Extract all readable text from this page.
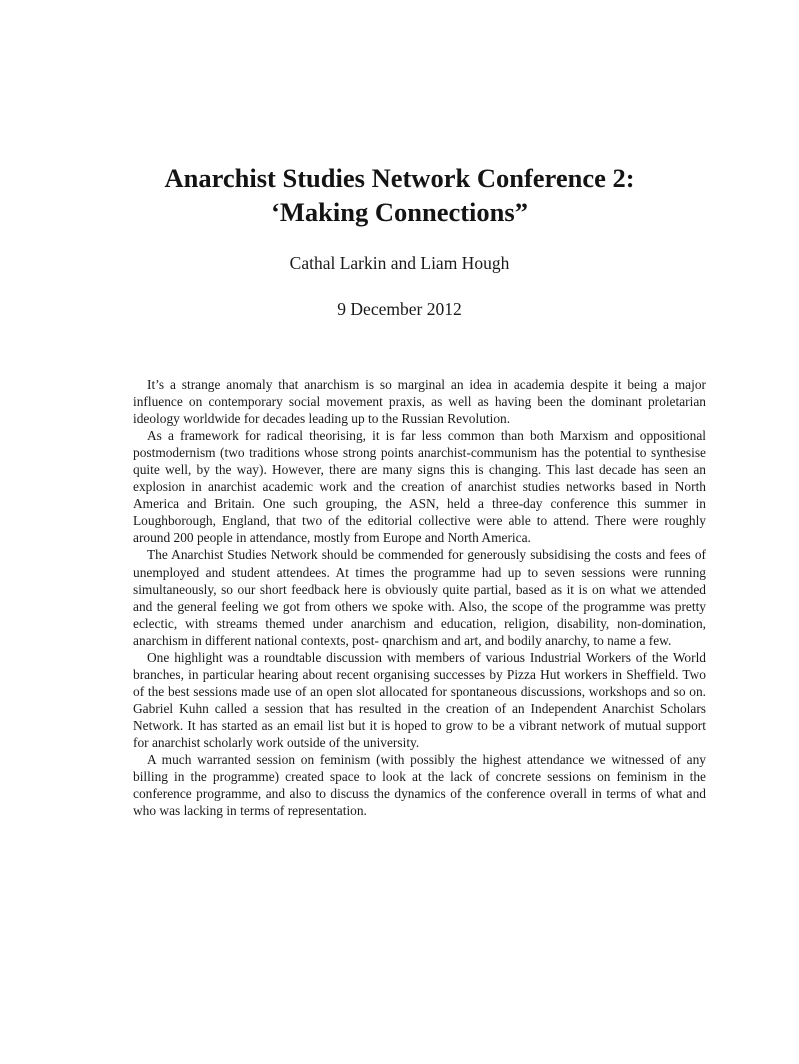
Anarchist Studies Network Conference 2:
‘Making Connections”
Cathal Larkin and Liam Hough
9 December 2012

It’s a strange anomaly that anarchism is so marginal an idea in academia despite it being a major influence on contemporary social movement praxis, as well as having been the dominant proletarian ideology worldwide for decades leading up to the Russian Revolution.

As a framework for radical theorising, it is far less common than both Marxism and oppositional postmodernism (two traditions whose strong points anarchist-communism has the potential to synthesise quite well, by the way). However, there are many signs this is changing. This last decade has seen an explosion in anarchist academic work and the creation of anarchist studies networks based in North America and Britain. One such grouping, the ASN, held a three-day conference this summer in Loughborough, England, that two of the editorial collective were able to attend. There were roughly around 200 people in attendance, mostly from Europe and North America.

The Anarchist Studies Network should be commended for generously subsidising the costs and fees of unemployed and student attendees. At times the programme had up to seven sessions were running simultaneously, so our short feedback here is obviously quite partial, based as it is on what we attended and the general feeling we got from others we spoke with. Also, the scope of the programme was pretty eclectic, with streams themed under anarchism and education, religion, disability, non-domination, anarchism in different national contexts, post- qnarchism and art, and bodily anarchy, to name a few.

One highlight was a roundtable discussion with members of various Industrial Workers of the World branches, in particular hearing about recent organising successes by Pizza Hut workers in Sheffield. Two of the best sessions made use of an open slot allocated for spontaneous discussions, workshops and so on. Gabriel Kuhn called a session that has resulted in the creation of an Independent Anarchist Scholars Network. It has started as an email list but it is hoped to grow to be a vibrant network of mutual support for anarchist scholarly work outside of the university.

A much warranted session on feminism (with possibly the highest attendance we witnessed of any billing in the programme) created space to look at the lack of concrete sessions on feminism in the conference programme, and also to discuss the dynamics of the conference overall in terms of what and who was lacking in terms of representation.
